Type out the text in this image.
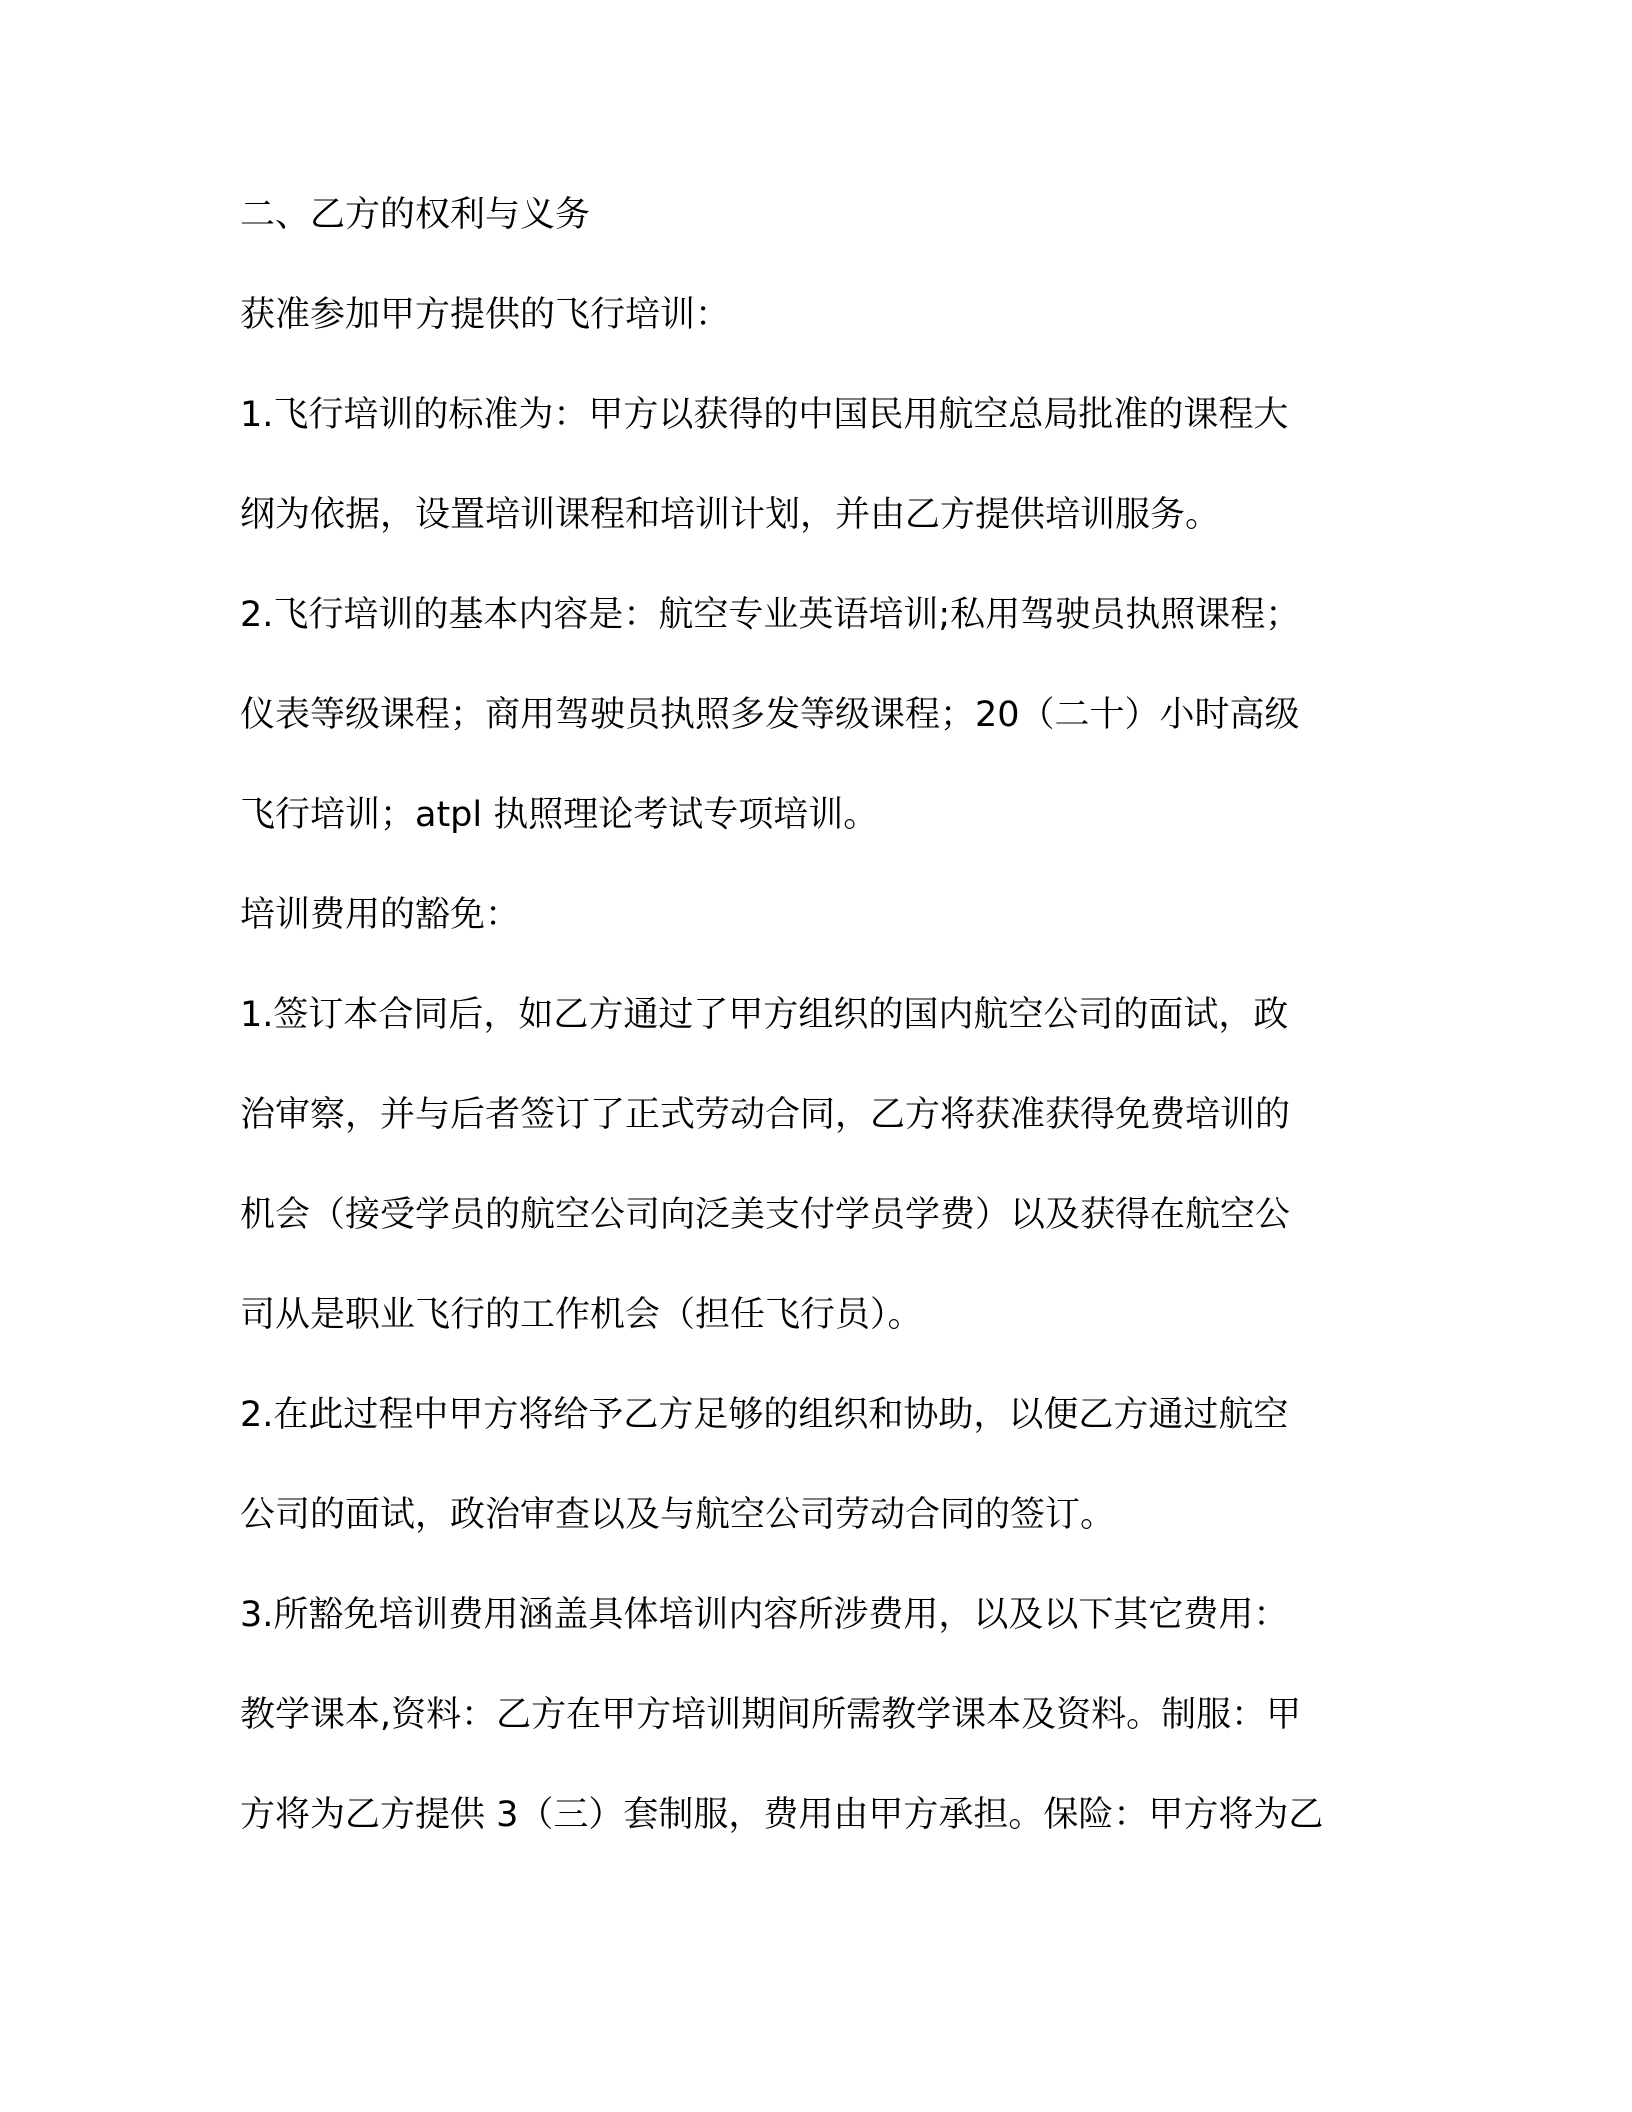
二、乙方的权利与义务
获准参加甲方提供的飞行培训：
1.飞行培训的标准为：甲方以获得的中国民用航空总局批准的课程大
纲为依据，设置培训课程和培训计划，并由乙方提供培训服务。
2.飞行培训的基本内容是：航空专业英语培训;私用驾驶员执照课程；
仪表等级课程；商用驾驶员执照多发等级课程；20（二十）小时高级
飞行培训；atpl 执照理论考试专项培训。
培训费用的豁免：
1.签订本合同后，如乙方通过了甲方组织的国内航空公司的面试，政
治审察，并与后者签订了正式劳动合同，乙方将获准获得免费培训的
机会（接受学员的航空公司向泛美支付学员学费）以及获得在航空公
司从是职业飞行的工作机会（担任飞行员）。
2.在此过程中甲方将给予乙方足够的组织和协助，以便乙方通过航空
公司的面试，政治审查以及与航空公司劳动合同的签订。
3.所豁免培训费用涵盖具体培训内容所涉费用，以及以下其它费用：
教学课本,资料：乙方在甲方培训期间所需教学课本及资料。制服：甲
方将为乙方提供 3（三）套制服，费用由甲方承担。保险：甲方将为乙
